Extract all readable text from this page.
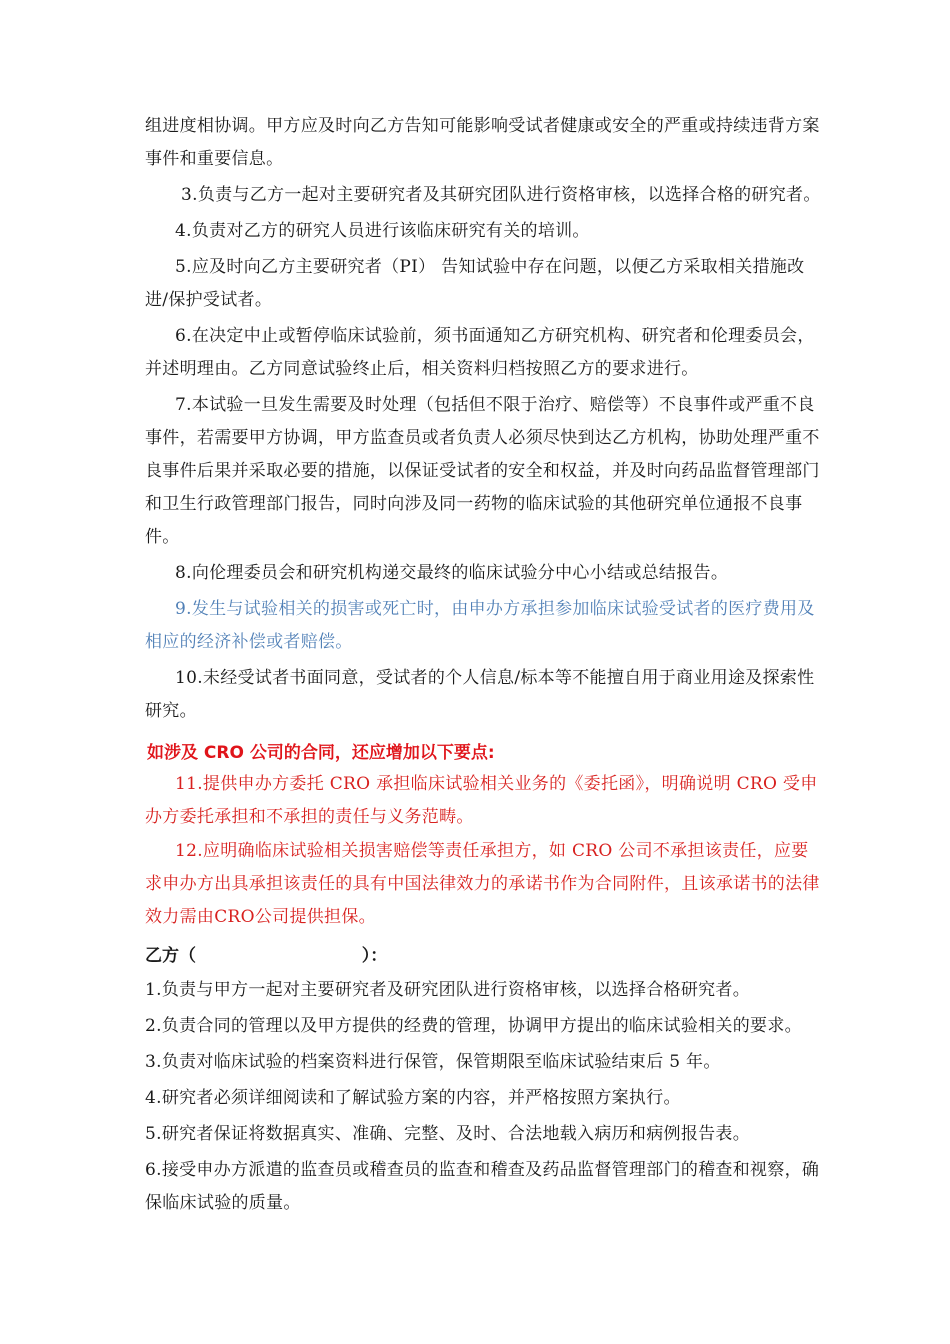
组进度相协调。甲方应及时向乙方告知可能影响受试者健康或安全的严重或持续违背方案事件和重要信息。

3.负责与乙方一起对主要研究者及其研究团队进行资格审核，以选择合格的研究者。

4.负责对乙方的研究人员进行该临床研究有关的培训。

5.应及时向乙方主要研究者（PI） 告知试验中存在问题，以便乙方采取相关措施改进/保护受试者。

6.在决定中止或暂停临床试验前，须书面通知乙方研究机构、研究者和伦理委员会，并述明理由。乙方同意试验终止后，相关资料归档按照乙方的要求进行。

7.本试验一旦发生需要及时处理（包括但不限于治疗、赔偿等）不良事件或严重不良事件，若需要甲方协调，甲方监查员或者负责人必须尽快到达乙方机构，协助处理严重不良事件后果并采取必要的措施，以保证受试者的安全和权益，并及时向药品监督管理部门和卫生行政管理部门报告，同时向涉及同一药物的临床试验的其他研究单位通报不良事件。

8.向伦理委员会和研究机构递交最终的临床试验分中心小结或总结报告。

9.发生与试验相关的损害或死亡时，由申办方承担参加临床试验受试者的医疗费用及相应的经济补偿或者赔偿。

10.未经受试者书面同意，受试者的个人信息/标本等不能擅自用于商业用途及探索性研究。

如涉及 CRO 公司的合同，还应增加以下要点:

11.提供申办方委托 CRO 承担临床试验相关业务的《委托函》，明确说明 CRO 受申办方委托承担和不承担的责任与义务范畴。

12.应明确临床试验相关损害赔偿等责任承担方，如 CRO 公司不承担该责任，应要求申办方出具承担该责任的具有中国法律效力的承诺书作为合同附件，且该承诺书的法律效力需由CRO公司提供担保。

乙方（                            ）：

1.负责与甲方一起对主要研究者及研究团队进行资格审核，以选择合格研究者。

2.负责合同的管理以及甲方提供的经费的管理，协调甲方提出的临床试验相关的要求。

3.负责对临床试验的档案资料进行保管，保管期限至临床试验结束后 5 年。

4.研究者必须详细阅读和了解试验方案的内容，并严格按照方案执行。

5.研究者保证将数据真实、准确、完整、及时、合法地载入病历和病例报告表。

6.接受申办方派遣的监查员或稽查员的监查和稽查及药品监督管理部门的稽查和视察，确保临床试验的质量。
